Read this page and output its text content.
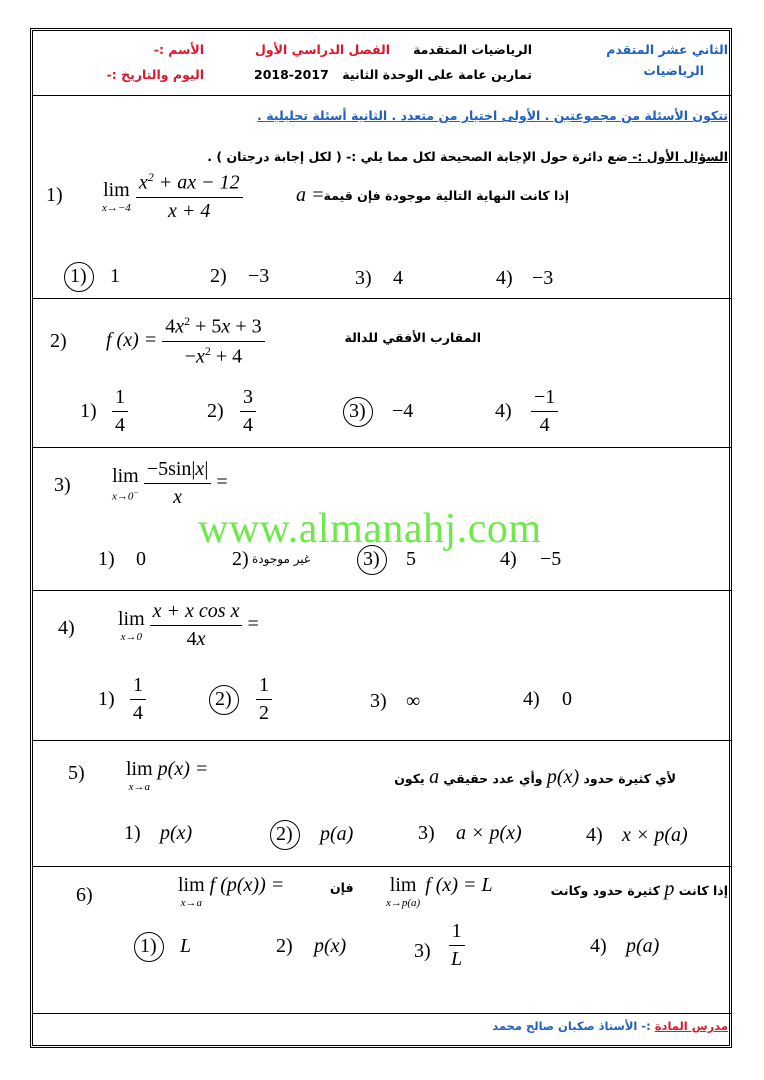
الثاني عشر المتقدم
الرياضيات
الرياضيات المتقدمة
الفصل الدراسي الأول
الأسم :-
تمارين عامة على الوحدة الثانية
2018-2017
اليوم والتاريخ :-
تتكون الأسئلة من مجموعتين . الأولى اختيار من متعدد . الثانية أسئلة تحليلية .
السؤال الأول :- ضع دائرة حول الإجابة الصحيحة لكل مما يلي :- ( لكل إجابة درجتان ) .
1) lim
x→−4
$\frac{x^2 + ax - 12}{x + 4}$	a = إذا كانت النهاية التالية موجودة فإن قيمة
1) 1	2) −3	3) 4	4) −3
2) f $(x) = \frac{4x^2 + 5x + 3}{-x^2 + 4}$	المقارب الأفقي للدالة
$1) \frac{1}{4}$	$2) \frac{3}{4}$	3) −4	$4) \frac{-1}{4}$
3) lim
x→0−
$\frac{-5\sin|x|}{x}$ =
www.almanahj.com
1) 0	2) غير موجودة	3) 5	4) −5
4) lim
x→0
$\frac{\text{x + x cos x}}{4x}$ =
$1) \frac{1}{4}$	$2) \frac{1}{2}$	3) ∞	4) 0
5) lim
x→a
p(x) =	لأي كثيرة حدود p(x) وأي عدد حقيقي a يكون
1) p(x)	2) p(a)	3) a × p(x)	4) x × p(a)
6)	lim
x→a
f (p(x)) =	فإن lim
x→p(a)
f (x) = L	إذا كانت p كثيرة حدود وكانت
1) L	2) p(x)	$3) \frac{1}{L}$	4) p(a)
مدرس المادة :- الأستاذ صكبان صالح محمد
